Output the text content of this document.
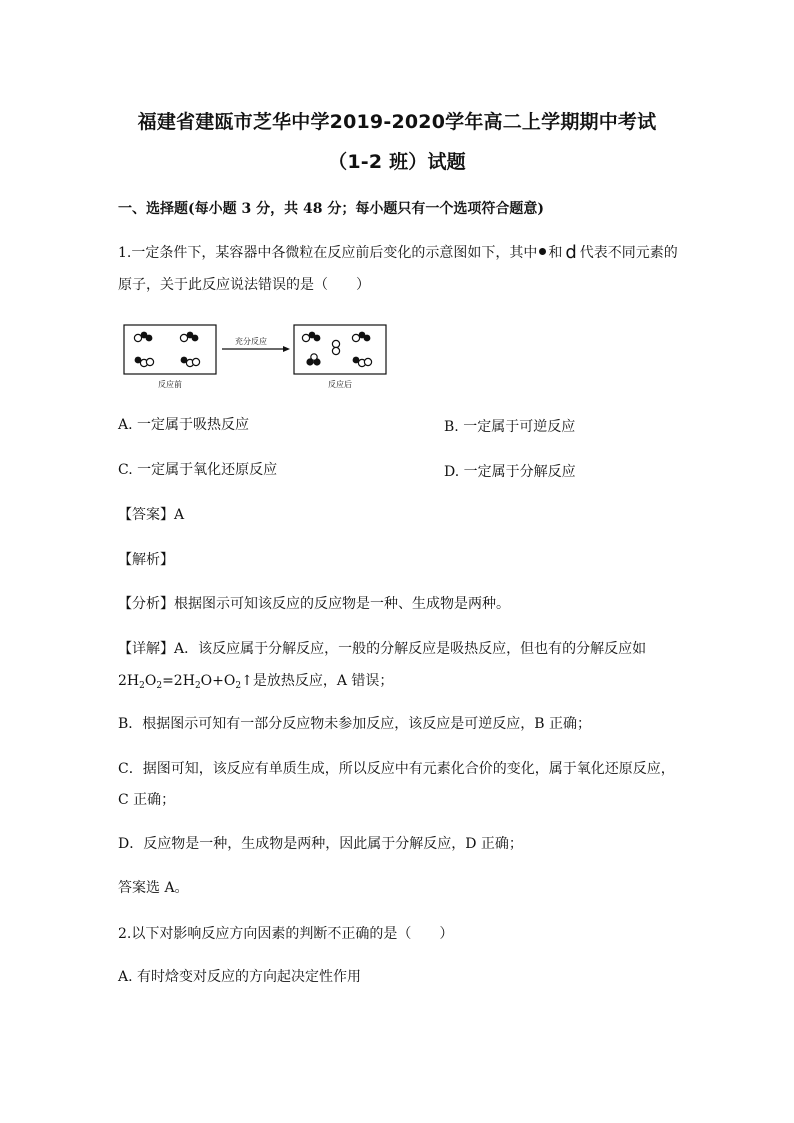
福建省建瓯市芝华中学2019-2020学年高二上学期期中考试
（1-2 班）试题
一、选择题(每小题 3 分，共 48 分；每小题只有一个选项符合题意)
1.一定条件下，某容器中各微粒在反应前后变化的示意图如下，其中 和 d 代表不同元素的
原子，关于此反应说法错误的是（　　）
反应前
充分反应
反应后
A. 一定属于吸热反应	B. 一定属于可逆反应
C. 一定属于氧化还原反应	D. 一定属于分解反应
【答案】A
【解析】
【分析】根据图示可知该反应的反应物是一种、生成物是两种。
【详解】A．该反应属于分解反应，一般的分解反应是吸热反应，但也有的分解反应如
$2H_2O_2=2H_2O+O_2↑$是放热反应，A 错误；
B．根据图示可知有一部分反应物未参加反应，该反应是可逆反应，B 正确；
C．据图可知，该反应有单质生成，所以反应中有元素化合价的变化，属于氧化还原反应，
C 正确；
D．反应物是一种，生成物是两种，因此属于分解反应，D 正确；
答案选 A。
2.以下对影响反应方向因素的判断不正确的是（　　）
A. 有时焓变对反应的方向起决定性作用
